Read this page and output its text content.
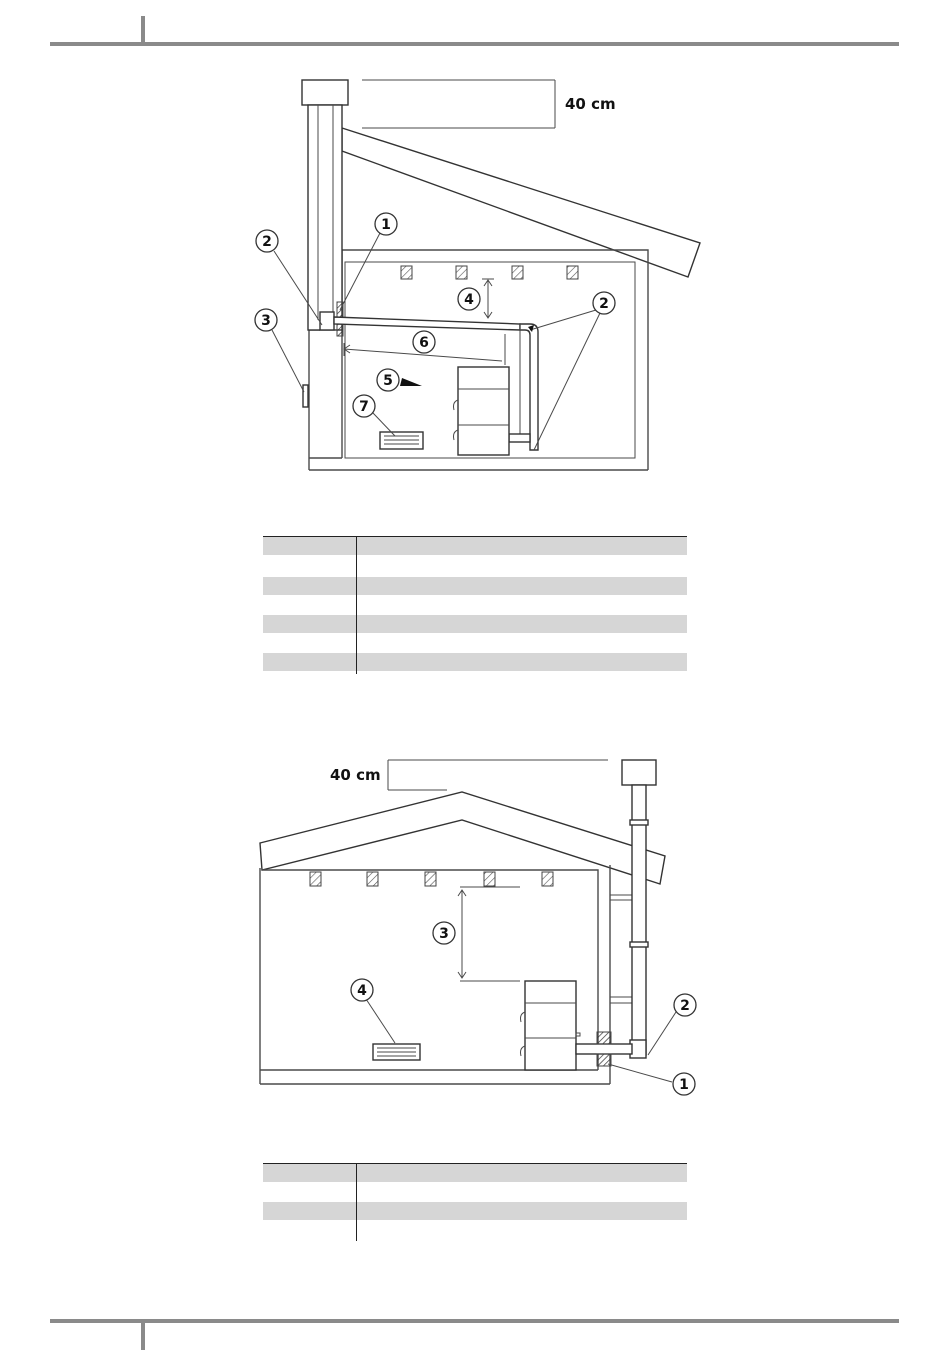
40 cm
1
2
3
2
4
5
6
7
40 cm
3
4
2
1
